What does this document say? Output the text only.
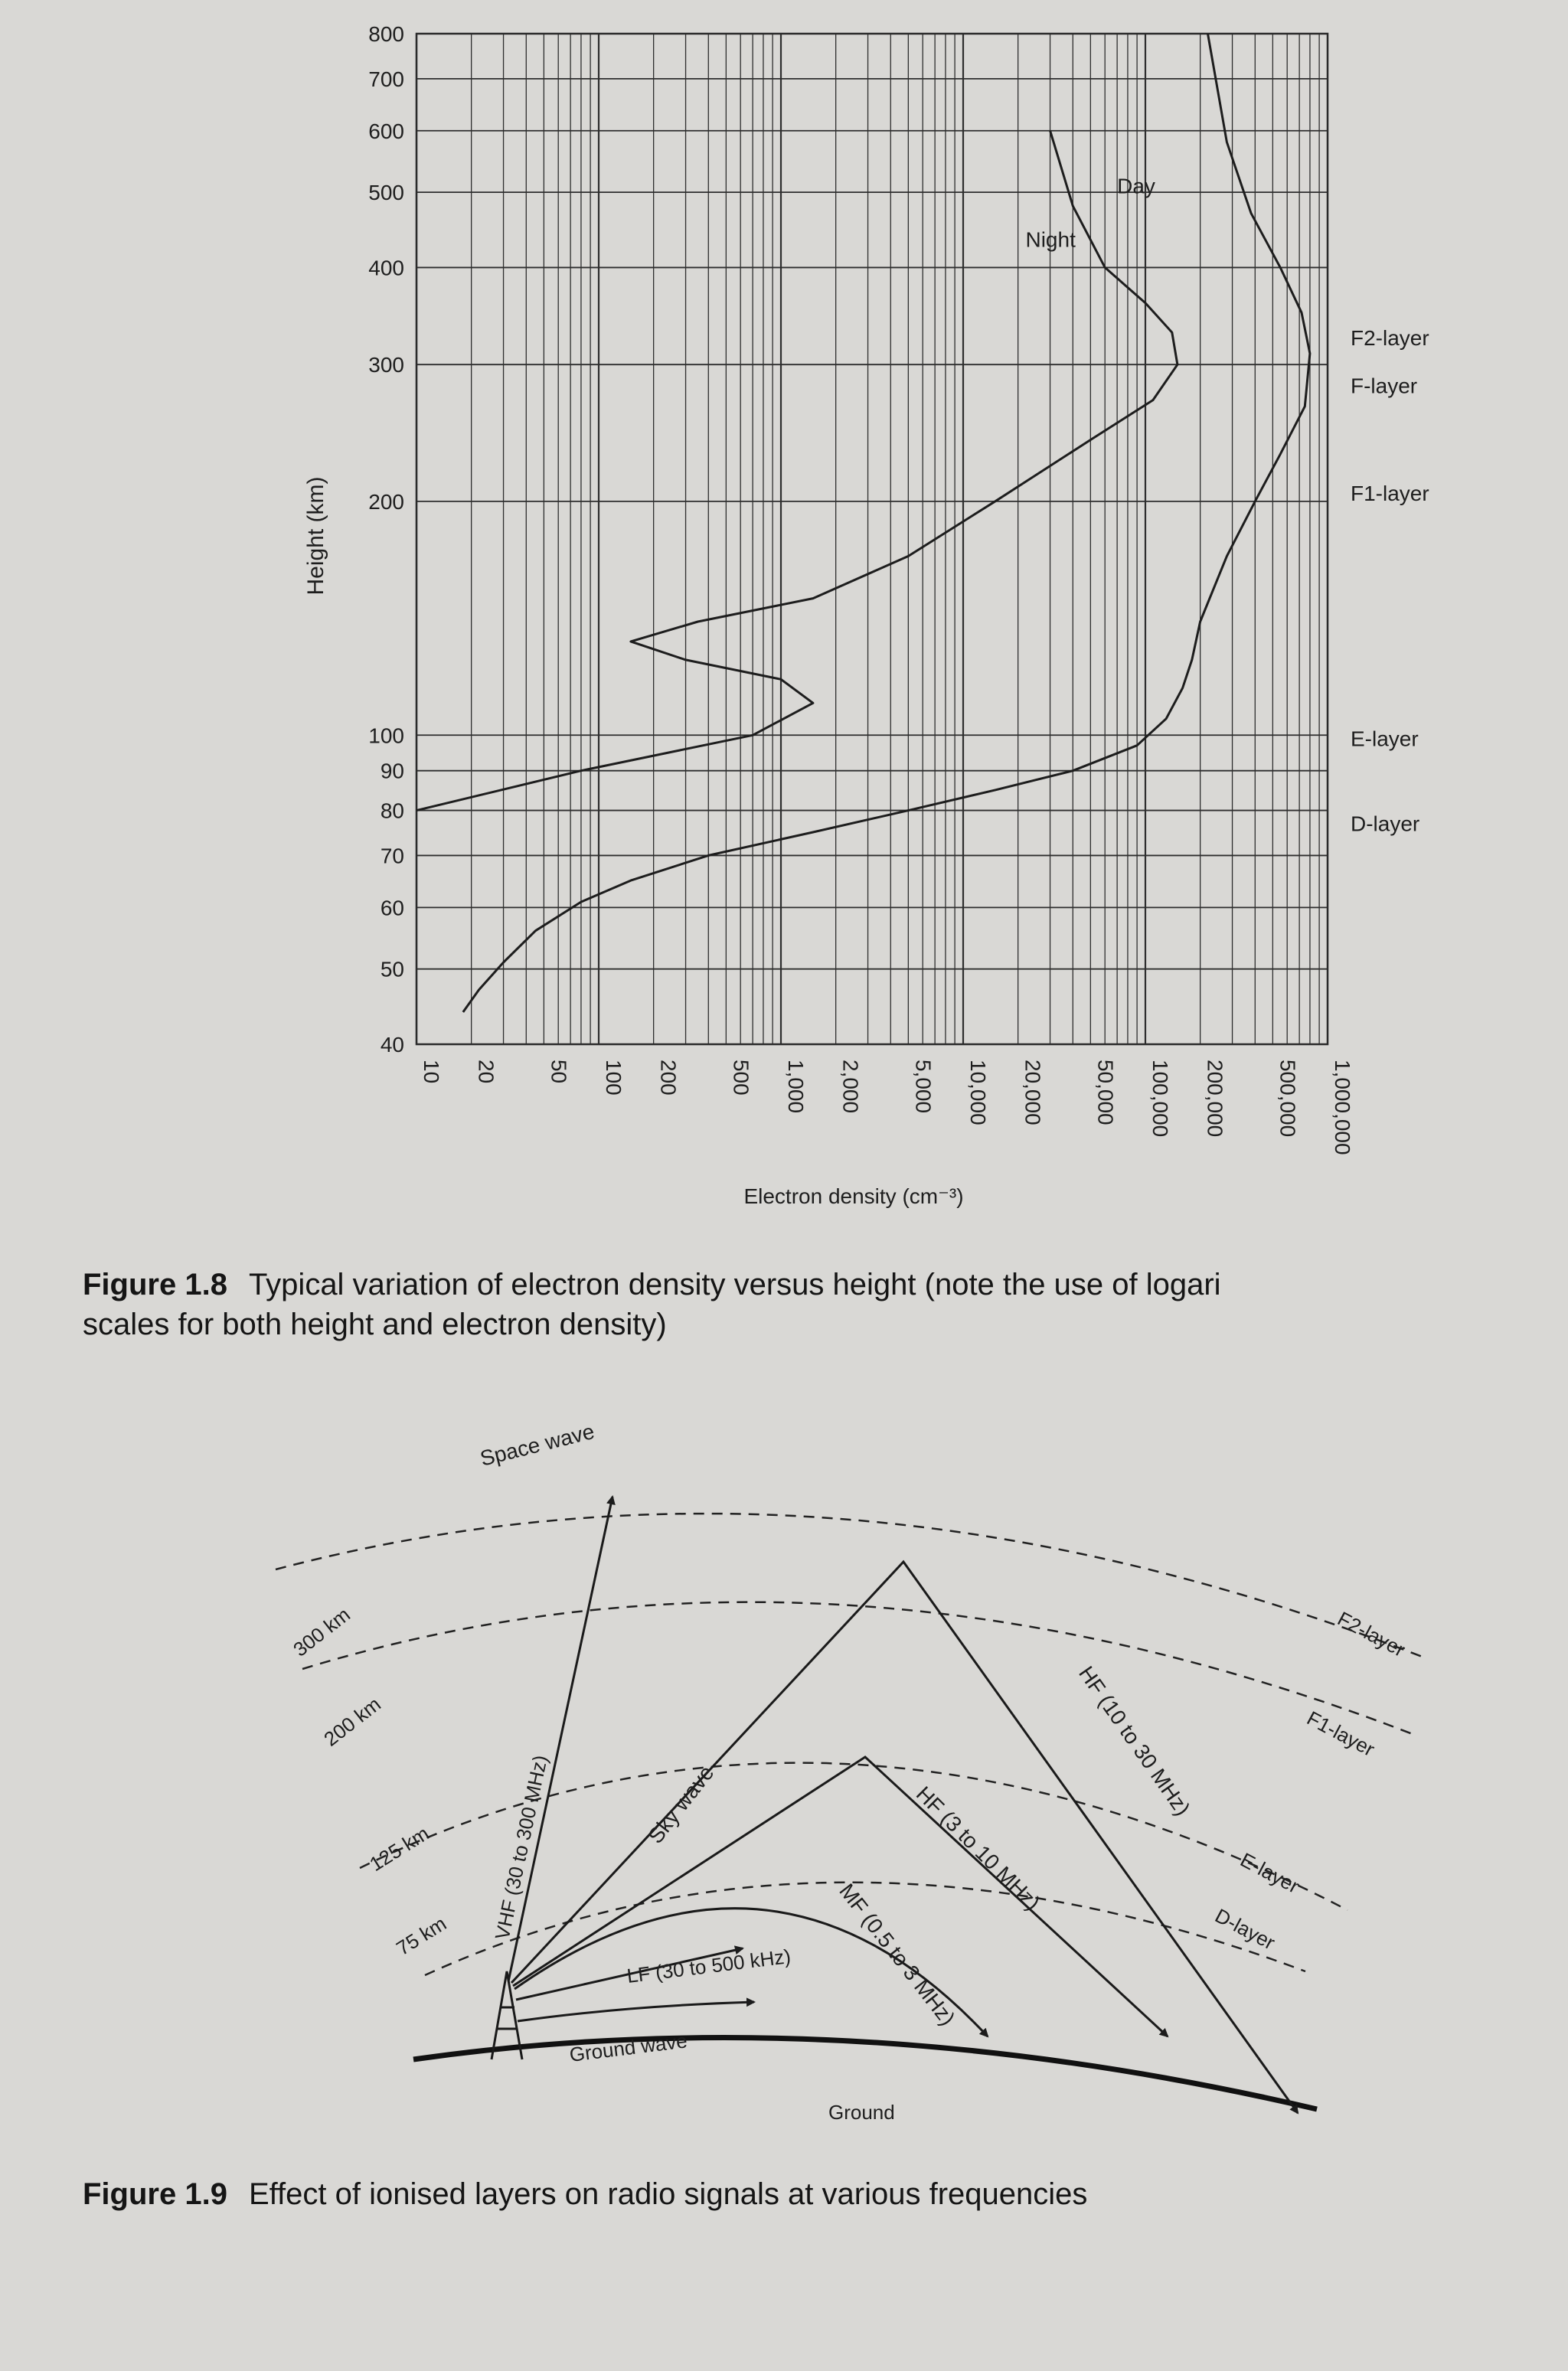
40
50
60
70
80
90
100
200
300
400
500
600
700
800
10 20 50 100 200 500 1,000 2,000 5,000 10,000 20,000 50,000 100,000 200,000 500,000 1,000,000
Day
Night
F2-layer
F-layer
F1-layer
E-layer
D-layer
Height (km)
Electron density (cm⁻³)
Figure 1.8 Typical variation of electron density versus height (note the use of logari
scales for both height and electron density)
Space wave
Sky wave
VHF (30 to 300 MHz)
HF (10 to 30 MHz)
HF (3 to 10 MHz)
MF (0.5 to 3 MHz)
LF (30 to 500 kHz)
Ground wave
Ground
300 km
200 km
125 km
75 km
F2-layer
F1-layer
E-layer
D-layer
Figure 1.9 Effect of ionised layers on radio signals at various frequencies
